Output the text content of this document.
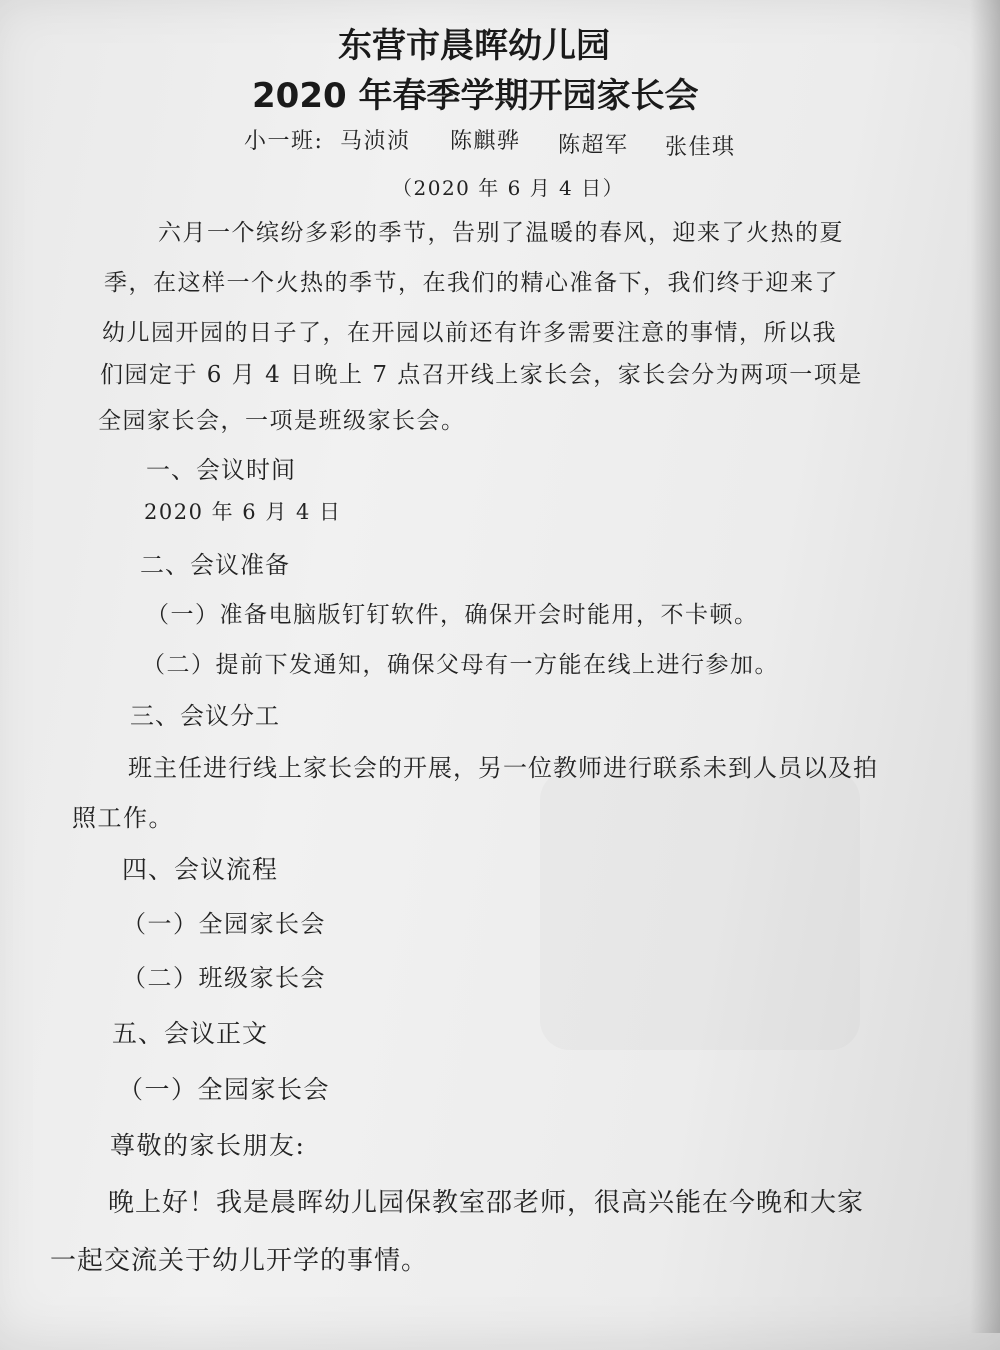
东营市晨晖幼儿园
2020 年春季学期开园家长会
小一班: 马浈浈 陈麒骅 陈超军 张佳琪
（2020 年 6 月 4 日）
六月一个缤纷多彩的季节，告别了温暖的春风，迎来了火热的夏
季，在这样一个火热的季节，在我们的精心准备下，我们终于迎来了
幼儿园开园的日子了，在开园以前还有许多需要注意的事情，所以我
们园定于 6 月 4 日晚上 7 点召开线上家长会，家长会分为两项一项是
全园家长会，一项是班级家长会。
一、会议时间
2020 年 6 月 4 日
二、会议准备
（一）准备电脑版钉钉软件，确保开会时能用，不卡顿。
（二）提前下发通知，确保父母有一方能在线上进行参加。
三、会议分工
班主任进行线上家长会的开展，另一位教师进行联系未到人员以及拍
照工作。
四、会议流程
（一）全园家长会
（二）班级家长会
五、会议正文
（一）全园家长会
尊敬的家长朋友:
晚上好！我是晨晖幼儿园保教室邵老师，很高兴能在今晚和大家
一起交流关于幼儿开学的事情。
